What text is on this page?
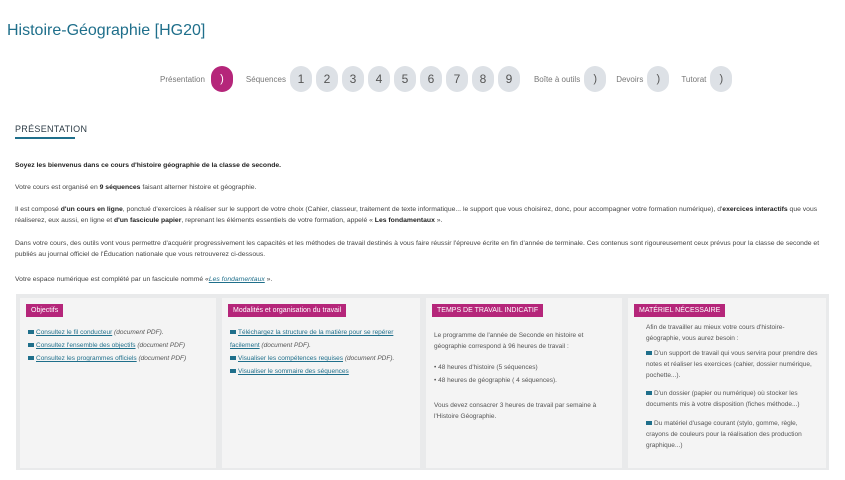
Histoire-Géographie [HG20]
Présentation )	Séquences 1	2	3	4	5	6	7	8	9	Boîte à outils ) Devoirs )	Tutorat )
PRÉSENTATION

Soyez les bienvenus dans ce cours d'histoire géographie de la classe de seconde.

Votre cours est organisé en 9 séquences faisant alterner histoire et géographie.

Il est composé d'un cours en ligne, ponctué d'exercices à réaliser sur le support de votre choix (Cahier, classeur, traitement de texte informatique... le support que vous choisirez, donc, pour accompagner votre formation numérique), d'exercices interactifs que vous réaliserez, eux aussi, en ligne et d'un fascicule papier, reprenant les éléments essentiels de votre formation, appelé « Les fondamentaux ».

Dans votre cours, des outils vont vous permettre d'acquérir progressivement les capacités et les méthodes de travail destinés à vous faire réussir l'épreuve écrite en fin d'année de terminale. Ces contenus sont rigoureusement ceux prévus pour la classe de seconde et publiés au journal officiel de l'Éducation nationale que vous retrouverez ci-dessous.

Votre espace numérique est complété par un fascicule nommé «Les fondamentaux ».

Objectifs
Consultez le fil conducteur (document PDF).
Consultez l'ensemble des objectifs (document PDF)
Consultez les programmes officiels (document PDF)
Modalités et organisation du travail
Téléchargez la structure de la matière pour se repérer
facilement (document PDF).
Visualiser les compétences requises (document PDF).
Visualiser le sommaire des séquences
TEMPS DE TRAVAIL INDICATIF
Le programme de l'année de Seconde en histoire et géographie correspond à 96 heures de travail :
• 48 heures d'histoire (5 séquences)
• 48 heures de géographie ( 4 séquences).
Vous devez consacrer 3 heures de travail par semaine à l'Histoire Géographie.
MATÉRIEL NÉCESSAIRE
Afin de travailler au mieux votre cours d'histoire-géographie, vous aurez besoin :
D'un support de travail qui vous servira pour prendre des notes et réaliser les exercices (cahier, dossier numérique, pochette...).
D'un dossier (papier ou numérique) où stocker les documents mis à votre disposition (fiches méthode...)
Du matériel d'usage courant (stylo, gomme, règle, crayons de couleurs pour la réalisation des production graphique...)
